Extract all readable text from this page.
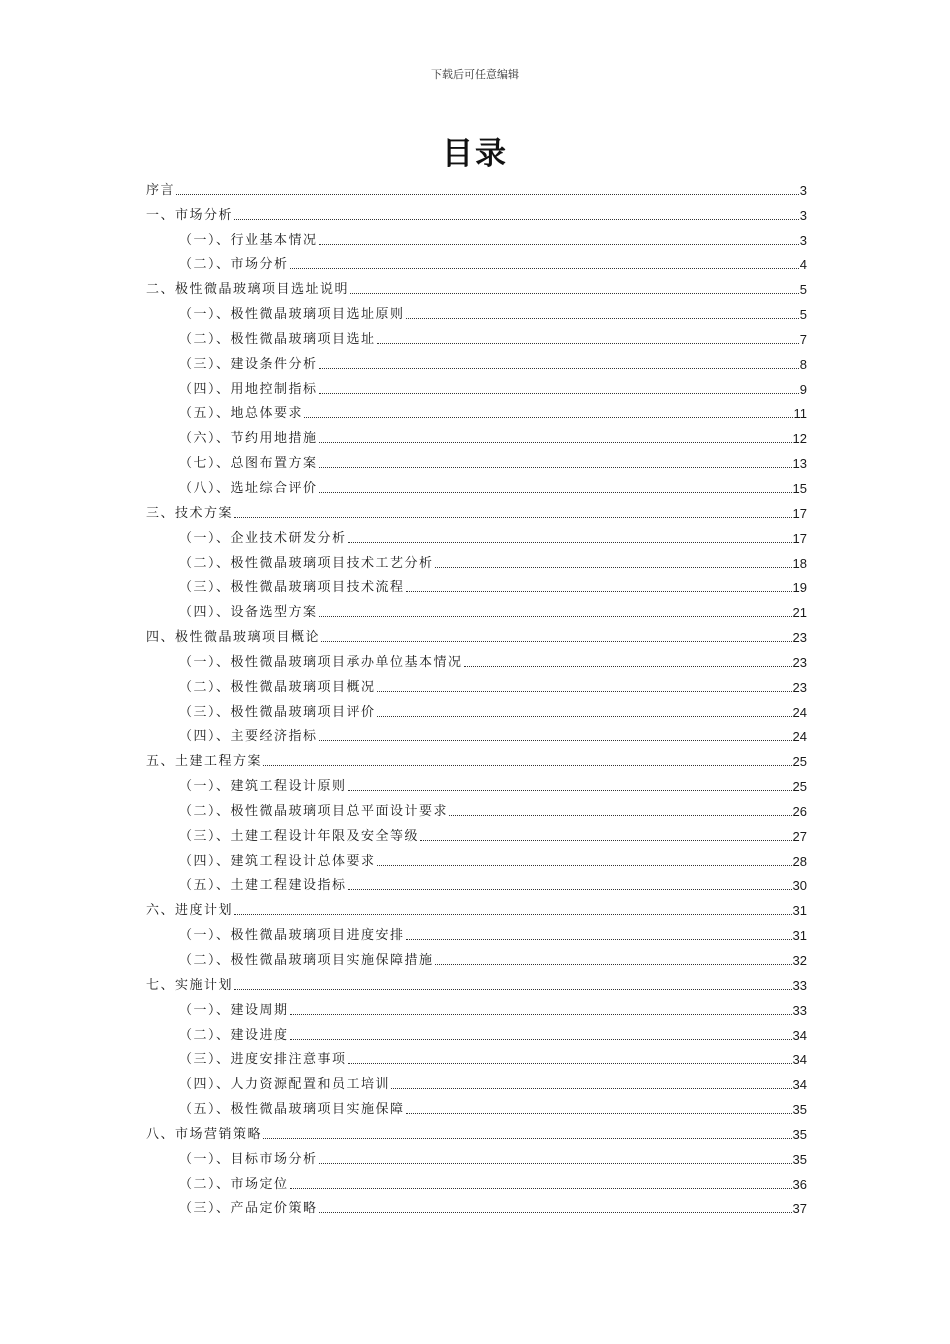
下载后可任意编辑
目录
序言	3
一、市场分析	3
（一）、行业基本情况	3
（二）、市场分析	4
二、极性微晶玻璃项目选址说明	5
（一）、极性微晶玻璃项目选址原则	5
（二）、极性微晶玻璃项目选址	7
（三）、建设条件分析	8
（四）、用地控制指标	9
（五）、地总体要求	11
（六）、节约用地措施	12
（七）、总图布置方案	13
（八）、选址综合评价	15
三、技术方案	17
（一）、企业技术研发分析	17
（二）、极性微晶玻璃项目技术工艺分析	18
（三）、极性微晶玻璃项目技术流程	19
（四）、设备选型方案	21
四、极性微晶玻璃项目概论	23
（一）、极性微晶玻璃项目承办单位基本情况	23
（二）、极性微晶玻璃项目概况	23
（三）、极性微晶玻璃项目评价	24
（四）、主要经济指标	24
五、土建工程方案	25
（一）、建筑工程设计原则	25
（二）、极性微晶玻璃项目总平面设计要求	26
（三）、土建工程设计年限及安全等级	27
（四）、建筑工程设计总体要求	28
（五）、土建工程建设指标	30
六、进度计划	31
（一）、极性微晶玻璃项目进度安排	31
（二）、极性微晶玻璃项目实施保障措施	32
七、实施计划	33
（一）、建设周期	33
（二）、建设进度	34
（三）、进度安排注意事项	34
（四）、人力资源配置和员工培训	34
（五）、极性微晶玻璃项目实施保障	35
八、市场营销策略	35
（一）、目标市场分析	35
（二）、市场定位	36
（三）、产品定价策略	37
